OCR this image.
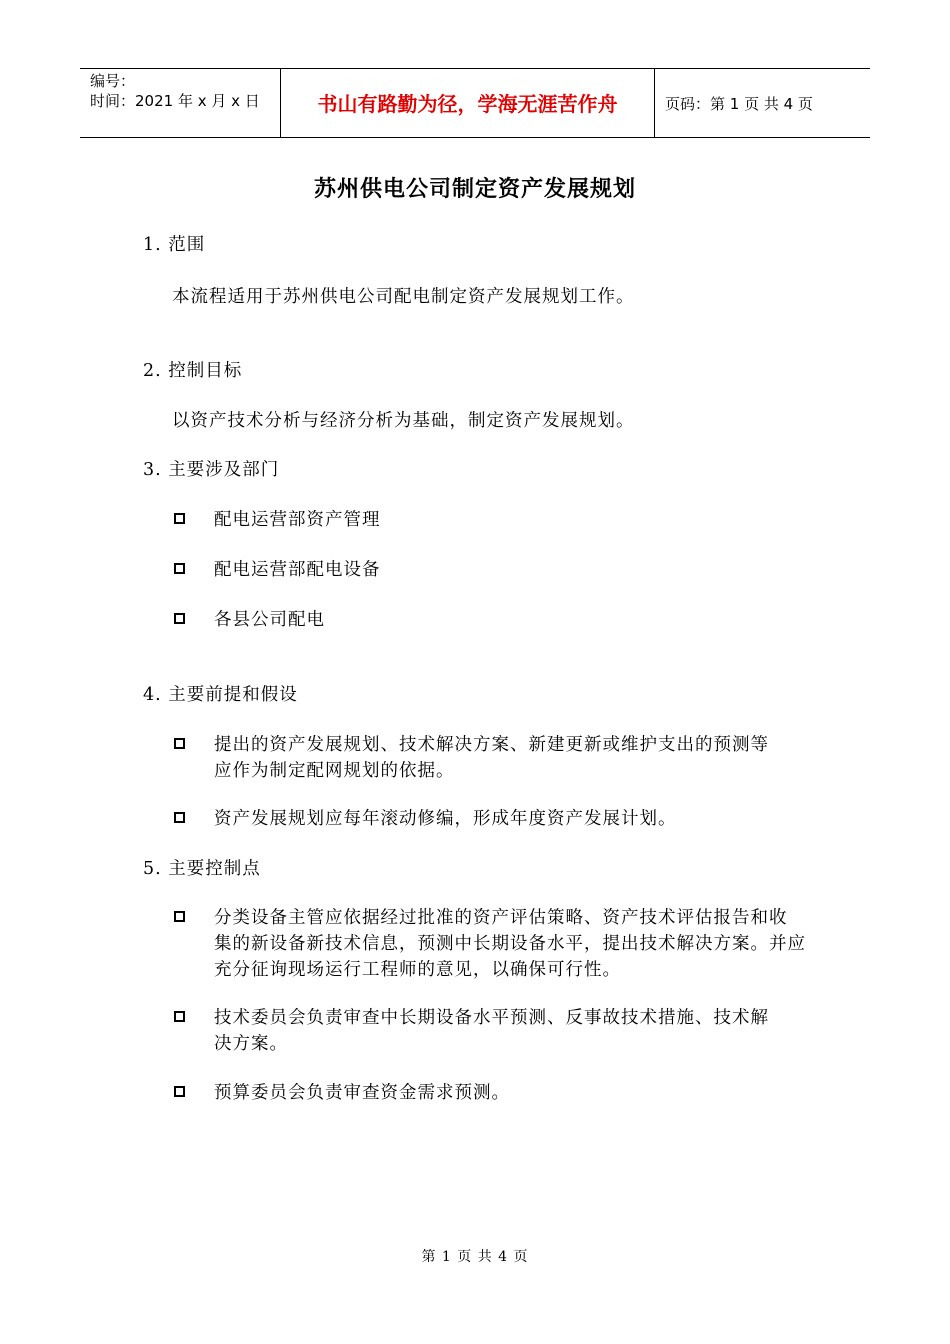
编号：
时间：2021 年 x 月 x 日	书山有路勤为径，学海无涯苦作舟	页码：第 1 页 共 4 页
苏州供电公司制定资产发展规划
1. 范围
本流程适用于苏州供电公司配电制定资产发展规划工作。
2. 控制目标
以资产技术分析与经济分析为基础，制定资产发展规划。
3. 主要涉及部门
配电运营部资产管理
配电运营部配电设备
各县公司配电
4. 主要前提和假设
提出的资产发展规划、技术解决方案、新建更新或维护支出的预测等
应作为制定配网规划的依据。
资产发展规划应每年滚动修编，形成年度资产发展计划。
5. 主要控制点
分类设备主管应依据经过批准的资产评估策略、资产技术评估报告和收
集的新设备新技术信息，预测中长期设备水平，提出技术解决方案。并应
充分征询现场运行工程师的意见，以确保可行性。
技术委员会负责审查中长期设备水平预测、反事故技术措施、技术解
决方案。
预算委员会负责审查资金需求预测。
第 1 页 共 4 页
